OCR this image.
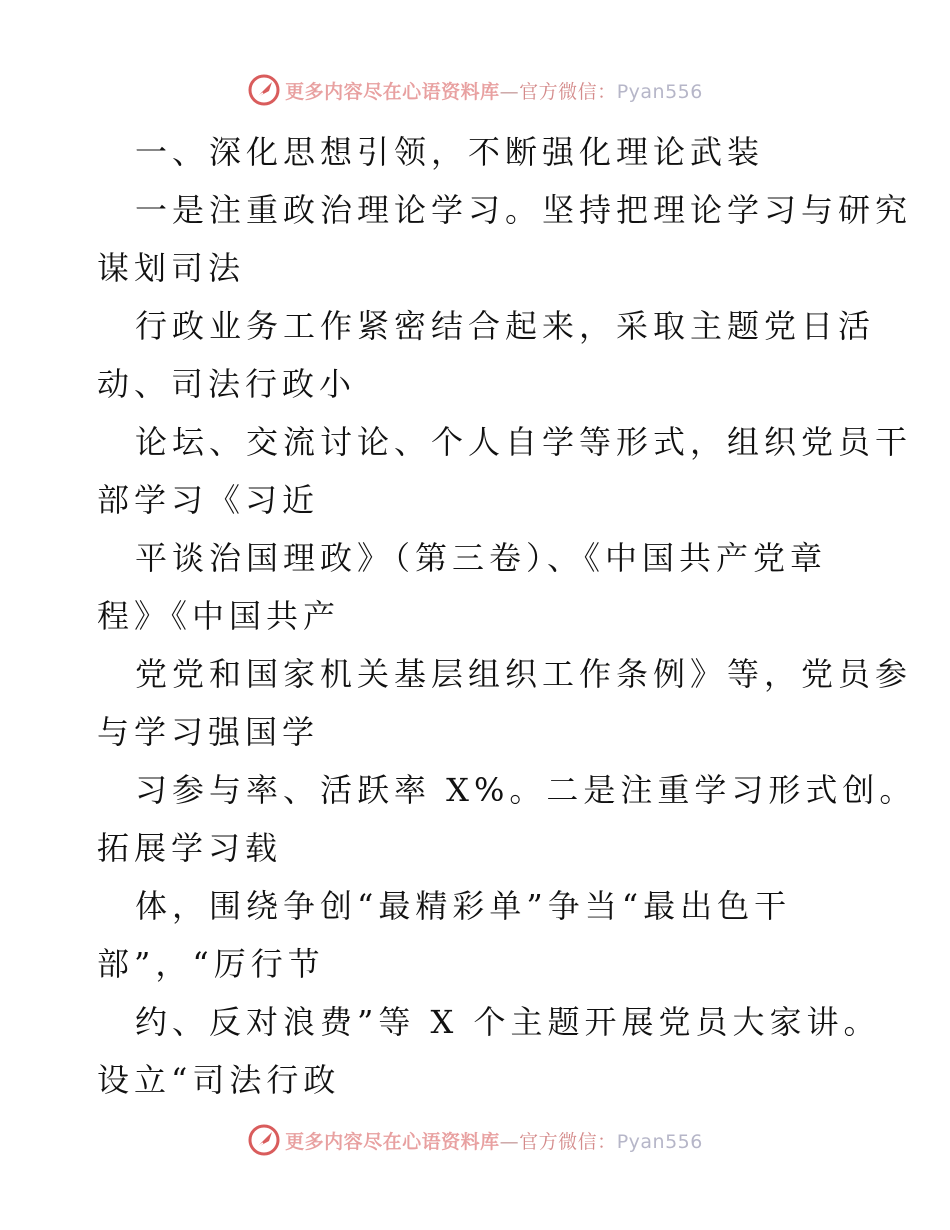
更多内容尽在心语资料库—官方微信：Pyan556

一、深化思想引领，不断强化理论武装

一是注重政治理论学习。坚持把理论学习与研究

谋划司法

行政业务工作紧密结合起来，采取主题党日活

动、司法行政小

论坛、交流讨论、个人自学等形式，组织党员干

部学习《习近

平谈治国理政》（第三卷）、《中国共产党章

程》《中国共产

党党和国家机关基层组织工作条例》等，党员参

与学习强国学

习参与率、活跃率 X%。二是注重学习形式创。

拓展学习载

体，围绕争创“最精彩单”争当“最出色干

部”，“厉行节

约、反对浪费”等 X 个主题开展党员大家讲。

设立“司法行政

更多内容尽在心语资料库—官方微信：Pyan556
